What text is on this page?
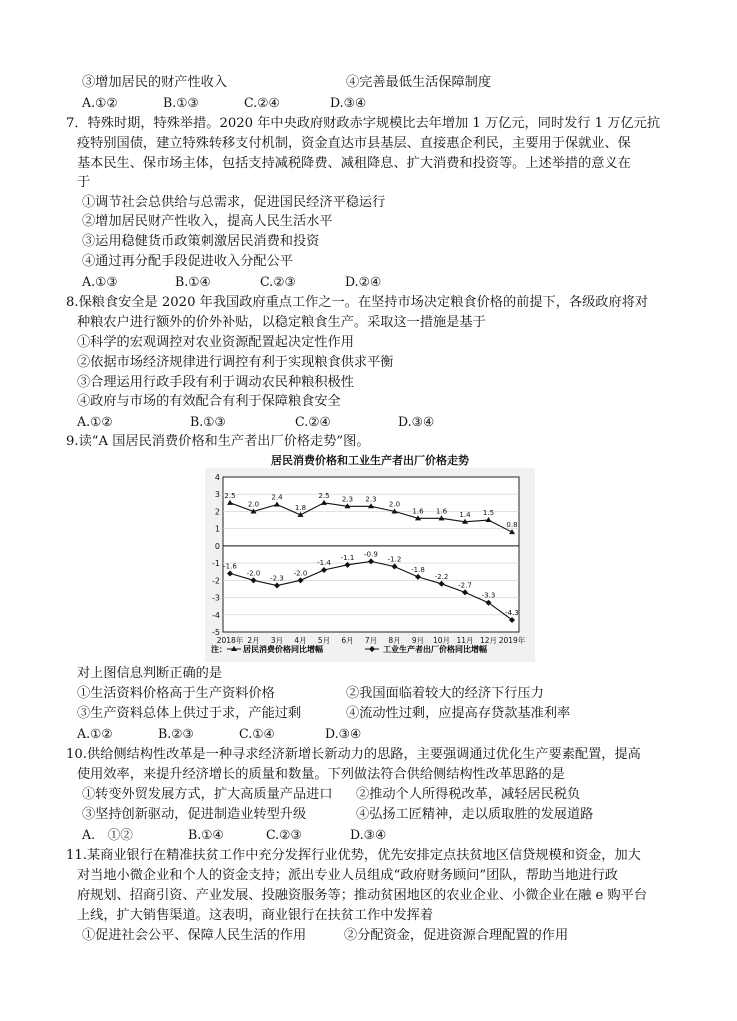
③增加居民的财产性收入	④完善最低生活保障制度
A.①②	B.①③	C.②④	D.③④
7．特殊时期，特殊举措。2020 年中央政府财政赤字规模比去年增加 1 万亿元，同时发行 1 万亿元抗
疫特别国债，建立特殊转移支付机制，资金直达市县基层、直接惠企利民，主要用于保就业、保
基本民生、保市场主体，包括支持减税降费、减租降息、扩大消费和投资等。上述举措的意义在
于
①调节社会总供给与总需求，促进国民经济平稳运行
②增加居民财产性收入，提高人民生活水平
③运用稳健货币政策刺激居民消费和投资
④通过再分配手段促进收入分配公平
A.①③	B.①④	C.②③	D.②④
8.保粮食安全是 2020 年我国政府重点工作之一。在坚持市场决定粮食价格的前提下，各级政府将对
种粮农户进行额外的价外补贴，以稳定粮食生产。采取这一措施是基于
①科学的宏观调控对农业资源配置起决定性作用
②依据市场经济规律进行调控有利于实现粮食供求平衡
③合理运用行政手段有利于调动农民种粮积极性
④政府与市场的有效配合有利于保障粮食安全
A.①②	B.①③	C.②④	D.③④
9.读“A 国居民消费价格和生产者出厂价格走势”图。
居民消费价格和工业生产者出厂价格走势
4
3
2
1
0
-1
-2
-3
-4
-5
2018年 2月 3月 4月 5月 6月 7月 8月 9月 10月 11月 12月 2019年
2.5
2.0
2.4
1.8
2.5 2.3 2.3
2.0
1.6 1.6 1.4 1.5
0.8
-1.6
-2.0
-2.3
-2.0
-1.4
-1.1 -0.9
-1.2
-1.8
-2.2
-2.7
-3.3
-4.3
注： 居民消费价格同比增幅	工业生产者出厂价格同比增幅
对上图信息判断正确的是
①生活资料价格高于生产资料价格	②我国面临着较大的经济下行压力
③生产资料总体上供过于求，产能过剩	④流动性过剩，应提高存贷款基准利率
A.①②	B.②③	C.①④	D.③④
10.供给侧结构性改革是一种寻求经济新增长新动力的思路，主要强调通过优化生产要素配置，提高
使用效率，来提升经济增长的质量和数量。下列做法符合供给侧结构性改革思路的是
①转变外贸发展方式，扩大高质量产品进口 ②推动个人所得税改革，减轻居民税负
③坚持创新驱动，促进制造业转型升级	④弘扬工匠精神，走以质取胜的发展道路
A.　①②	B.①④	C.②③	D.③④
11.某商业银行在精准扶贫工作中充分发挥行业优势，优先安排定点扶贫地区信贷规模和资金，加大
对当地小微企业和个人的资金支持；派出专业人员组成“政府财务顾问”团队，帮助当地进行政
府规划、招商引资、产业发展、投融资服务等；推动贫困地区的农业企业、小微企业在融 e 购平台
上线，扩大销售渠道。这表明，商业银行在扶贫工作中发挥着
①促进社会公平、保障人民生活的作用	②分配资金，促进资源合理配置的作用
